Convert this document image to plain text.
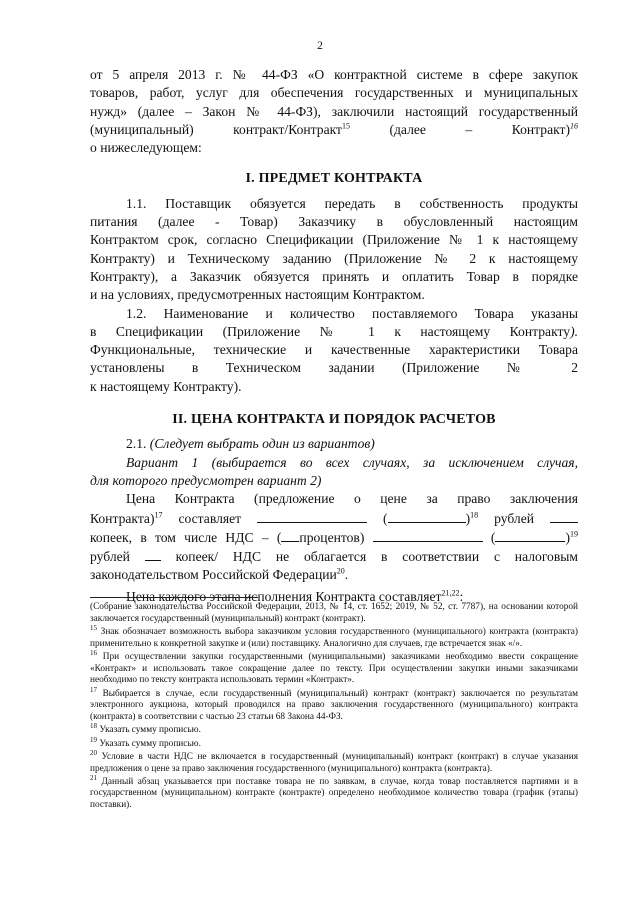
2
от 5 апреля 2013 г. № 44-ФЗ «О контрактной системе в сфере закупок
товаров, работ, услуг для обеспечения государственных и муниципальных
нужд» (далее – Закон № 44-ФЗ), заключили настоящий государственный
(муниципальный) контракт/Контракт$^{15}$	(далее	–	Контракт)$^{16}$
о нижеследующем:
I. ПРЕДМЕТ КОНТРАКТА
1.1. Поставщик обязуется передать в собственность продукты
питания (далее - Товар) Заказчику в обусловленный настоящим
Контрактом срок, согласно Спецификации (Приложение № 1 к настоящему
Контракту) и Техническому заданию (Приложение № 2 к настоящему
Контракту), а Заказчик обязуется принять и оплатить Товар в порядке
и на условиях, предусмотренных настоящим Контрактом.
1.2. Наименование и количество поставляемого Товара указаны
в Спецификации (Приложение № 1 к настоящему Контракту).
Функциональные, технические и качественные характеристики Товара
установлены в Техническом задании (Приложение № 2
к настоящему Контракту).
II. ЦЕНА КОНТРАКТА И ПОРЯДОК РАСЧЕТОВ
2.1. (Следует выбрать один из вариантов)
Вариант 1 (выбирается во всех случаях, за исключением случая,
для которого предусмотрен вариант 2)
Цена Контракта (предложение о цене за право заключения
Контракта)$^{17}$ составляет	(	)$^{18}$ рублей
копеек, в том числе НДС – ( процентов)	(	)$^{19}$
рублей	копеек/ НДС не облагается в соответствии с налоговым
законодательством Российской Федерации$^{20}$.
Цена каждого этапа исполнения Контракта составляет$^{21,22}$:
(Собрание законодательства Российской Федерации, 2013, № 14, ст. 1652; 2019, № 52, ст. 7787), на основании которой заключается государственный (муниципальный) контракт (контракт).
$^{15}$ Знак обозначает возможность выбора заказчиком условия государственного (муниципального) контракта (контракта) применительно к конкретной закупке и (или) поставщику. Аналогично для случаев, где встречается знак «/».
$^{16}$ При осуществлении закупки государственными (муниципальными) заказчиками необходимо ввести сокращение «Контракт» и использовать такое сокращение далее по тексту. При осуществлении закупки иными заказчиками необходимо по тексту контракта использовать термин «Контракт».
$^{17}$ Выбирается в случае, если государственный (муниципальный) контракт (контракт) заключается по результатам электронного аукциона, который проводился на право заключения государственного (муниципального) контракта (контракта) в соответствии с частью 23 статьи 68 Закона 44-ФЗ.
$^{18}$ Указать сумму прописью.
$^{19}$ Указать сумму прописью.
$^{20}$ Условие в части НДС не включается в государственный (муниципальный) контракт (контракт) в случае указания предложения о цене за право заключения государственного (муниципального) контракта (контракта).
$^{21}$ Данный абзац указывается при поставке товара не по заявкам, в случае, когда товар поставляется партиями и в государственном (муниципальном) контракте (контракте) определено необходимое количество товара (график (этапы) поставки).
